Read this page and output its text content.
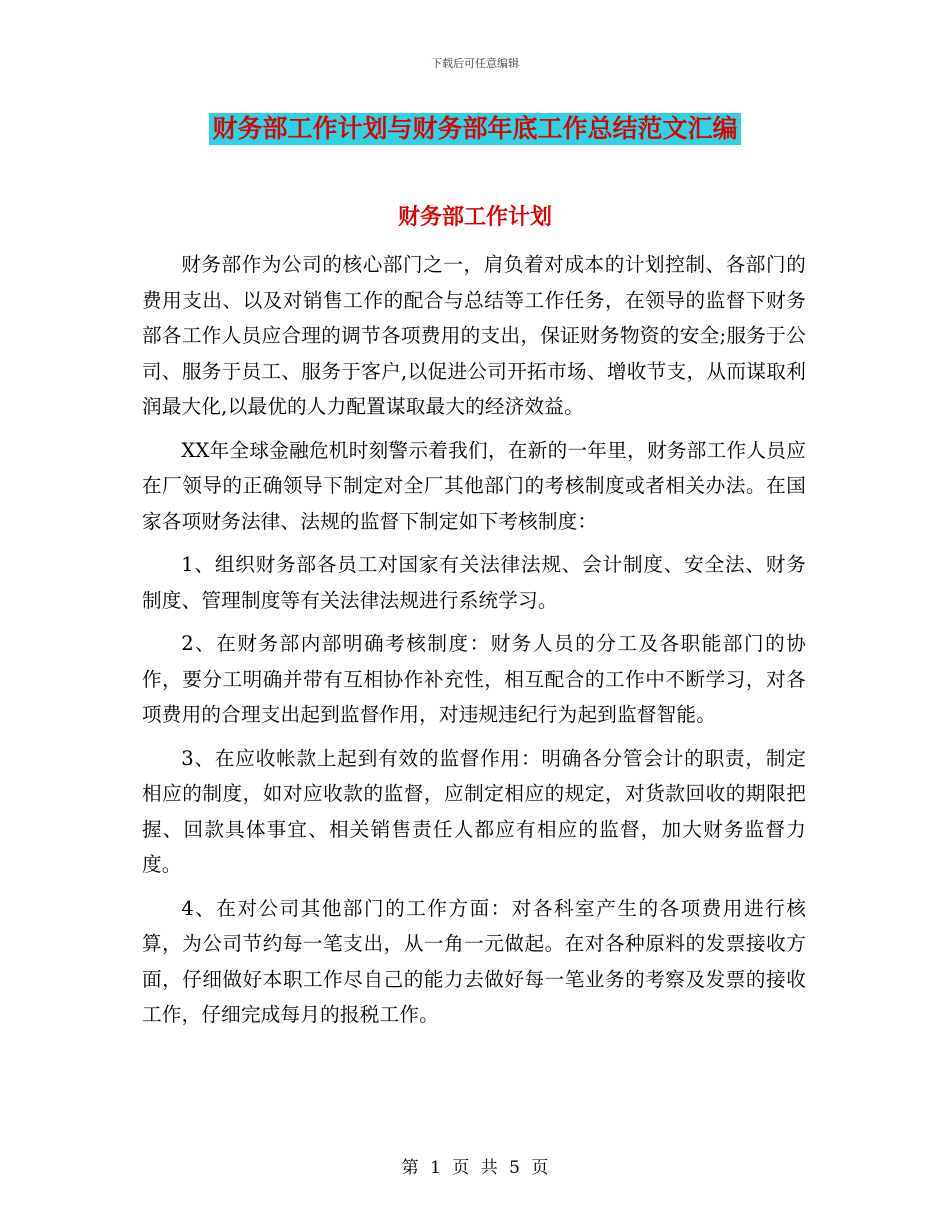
下载后可任意编辑
财务部工作计划与财务部年底工作总结范文汇编
财务部工作计划

财务部作为公司的核心部门之一，肩负着对成本的计划控制、各部门的费用支出、以及对销售工作的配合与总结等工作任务，在领导的监督下财务部各工作人员应合理的调节各项费用的支出，保证财务物资的安全;服务于公司、服务于员工、服务于客户,以促进公司开拓市场、增收节支，从而谋取利润最大化,以最优的人力配置谋取最大的经济效益。

XX年全球金融危机时刻警示着我们，在新的一年里，财务部工作人员应在厂领导的正确领导下制定对全厂其他部门的考核制度或者相关办法。在国家各项财务法律、法规的监督下制定如下考核制度：

1、组织财务部各员工对国家有关法律法规、会计制度、安全法、财务制度、管理制度等有关法律法规进行系统学习。

2、在财务部内部明确考核制度：财务人员的分工及各职能部门的协作，要分工明确并带有互相协作补充性，相互配合的工作中不断学习，对各项费用的合理支出起到监督作用，对违规违纪行为起到监督智能。

3、在应收帐款上起到有效的监督作用：明确各分管会计的职责，制定相应的制度，如对应收款的监督，应制定相应的规定，对货款回收的期限把握、回款具体事宜、相关销售责任人都应有相应的监督，加大财务监督力度。

4、在对公司其他部门的工作方面：对各科室产生的各项费用进行核算，为公司节约每一笔支出，从一角一元做起。在对各种原料的发票接收方面，仔细做好本职工作尽自己的能力去做好每一笔业务的考察及发票的接收工作，仔细完成每月的报税工作。

第 1 页 共 5 页
